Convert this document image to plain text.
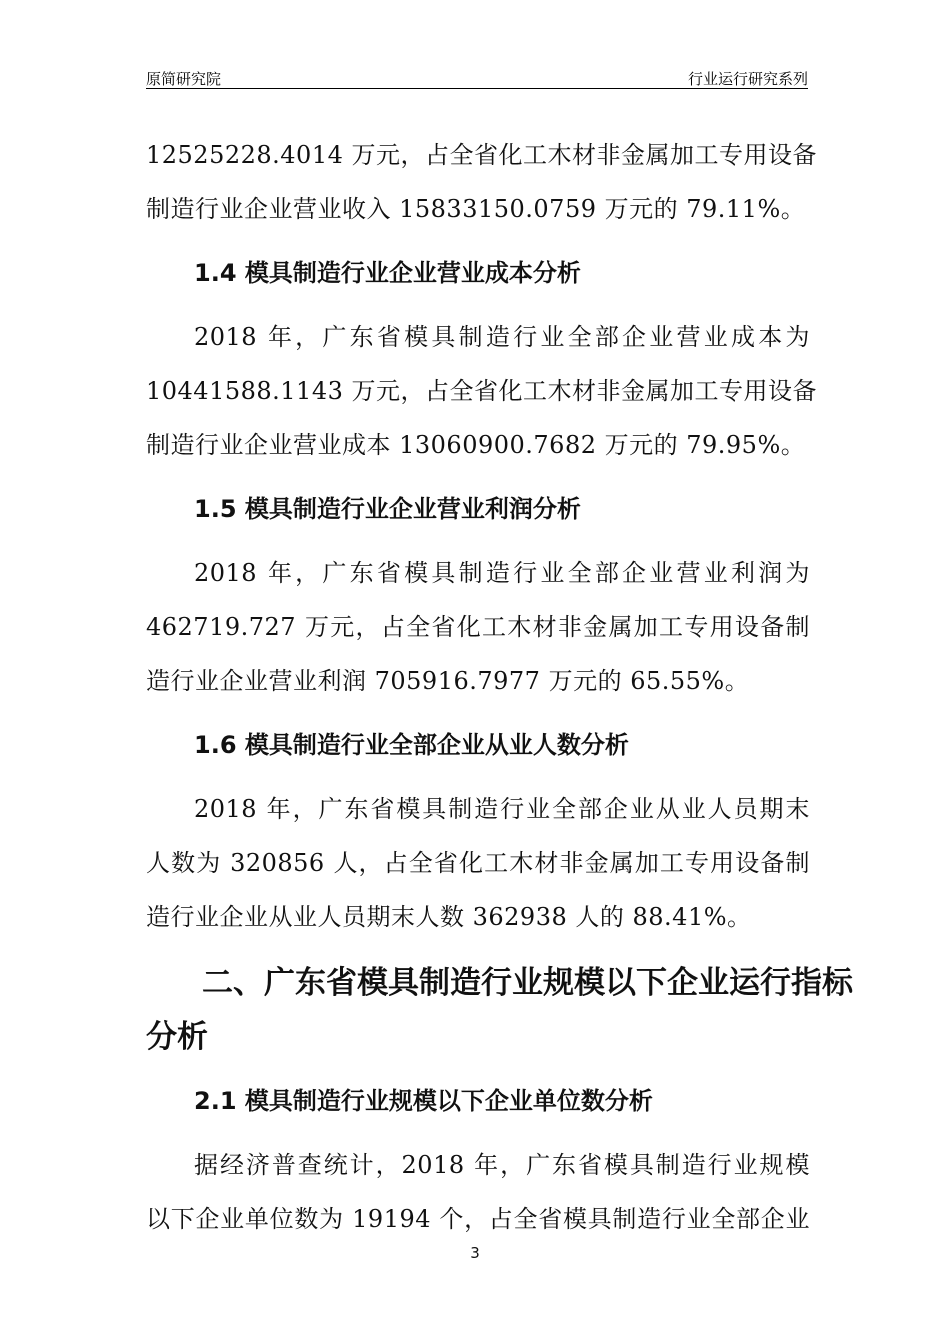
原简研究院	行业运行研究系列
12525228.4014 万元，占全省化工木材非金属加工专用设备
制造行业企业营业收入 15833150.0759 万元的 79.11%。
1.4 模具制造行业企业营业成本分析
2018 年，广东省模具制造行业全部企业营业成本为
10441588.1143 万元，占全省化工木材非金属加工专用设备
制造行业企业营业成本 13060900.7682 万元的 79.95%。
1.5 模具制造行业企业营业利润分析
2018 年，广东省模具制造行业全部企业营业利润为
462719.727 万元，占全省化工木材非金属加工专用设备制
造行业企业营业利润 705916.7977 万元的 65.55%。
1.6 模具制造行业全部企业从业人数分析
2018 年，广东省模具制造行业全部企业从业人员期末
人数为 320856 人，占全省化工木材非金属加工专用设备制
造行业企业从业人员期末人数 362938 人的 88.41%。
二、广东省模具制造行业规模以下企业运行指标
分析
2.1 模具制造行业规模以下企业单位数分析
据经济普查统计，2018 年，广东省模具制造行业规模
以下企业单位数为 19194 个，占全省模具制造行业全部企业
3
